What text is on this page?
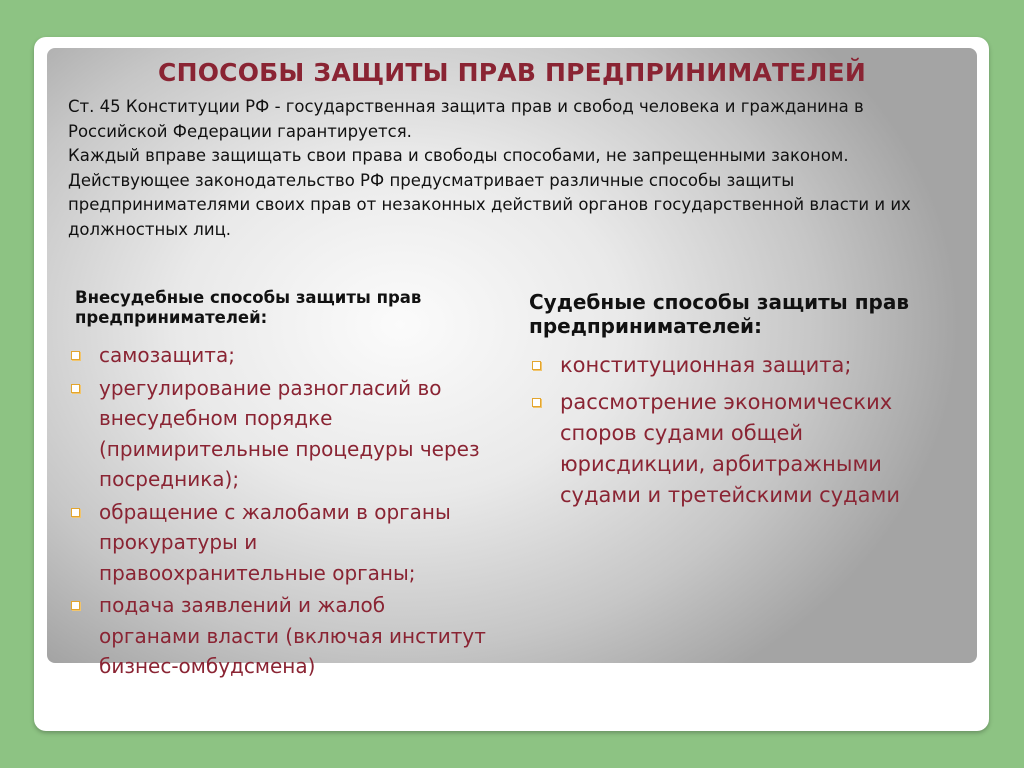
СПОСОБЫ ЗАЩИТЫ ПРАВ ПРЕДПРИНИМАТЕЛЕЙ

Ст. 45 Конституции РФ - государственная защита прав и свобод человека и гражданина в Российской Федерации гарантируется.

Каждый вправе защищать свои права и свободы способами, не запрещенными законом.

Действующее законодательство РФ предусматривает различные способы защиты предпринимателями своих прав от незаконных действий органов государственной власти и их должностных лиц.

Внесудебные способы защиты прав предпринимателей:
самозащита;
урегулирование разногласий во внесудебном порядке (примирительные процедуры через посредника);
обращение с жалобами в органы прокуратуры и правоохранительные органы;
подача заявлений и жалоб органами власти (включая институт бизнес-омбудсмена)
Судебные способы защиты прав предпринимателей:
конституционная защита;
рассмотрение экономических споров судами общей юрисдикции, арбитражными судами и третейскими судами
